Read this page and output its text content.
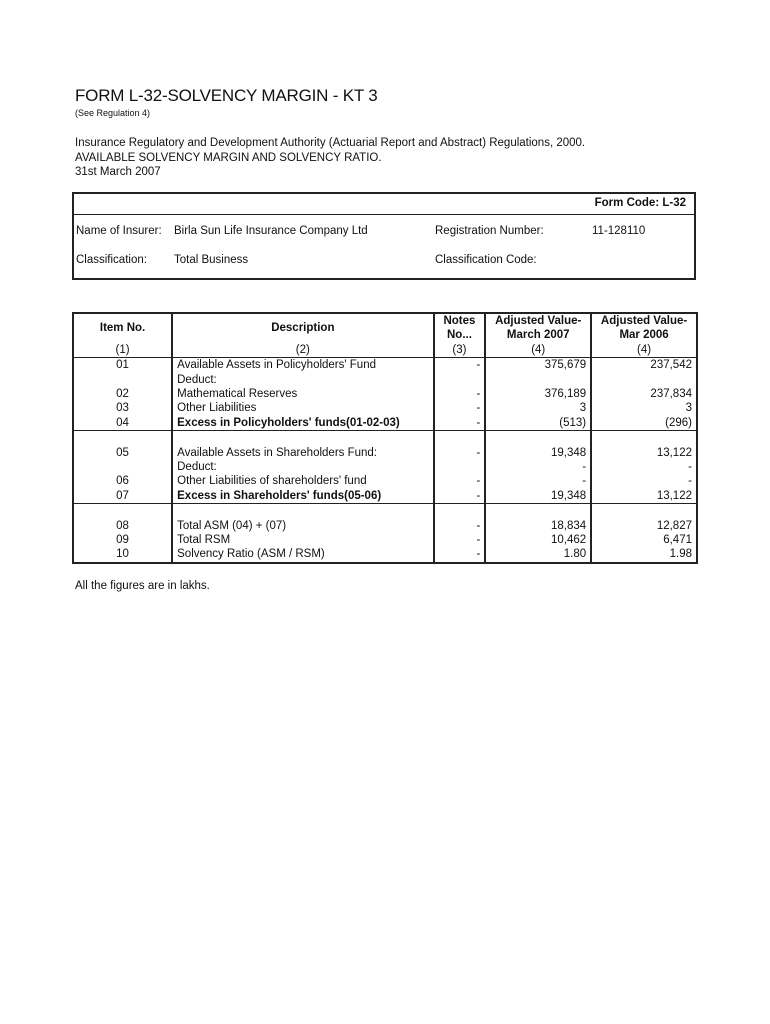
FORM L-32-SOLVENCY MARGIN - KT 3
(See Regulation 4)
Insurance Regulatory and Development Authority (Actuarial Report and Abstract) Regulations, 2000.
AVAILABLE SOLVENCY MARGIN AND SOLVENCY RATIO.
31st March 2007
Form Code: L-32
Name of Insurer: Birla Sun Life Insurance Company Ltd	Registration Number:	11-128110
Classification: Total Business	Classification Code:
Item No.	Description	Notes	Adjusted Value-	Adjusted Value-
		No...	March 2007	Mar 2006
(1)	(2)	(3)	(4)	(4)
01	Available Assets in Policyholders' Fund	-	375,679	237,542
	Deduct:			
02	Mathematical Reserves	-	376,189	237,834
03	Other Liabilities	-	3	3
04	Excess in Policyholders' funds(01-02-03)	-	(513)	(296)

05	Available Assets in Shareholders Fund:	-	19,348	13,122
	Deduct:		-	-
06	Other Liabilities of shareholders' fund	-	-	-
07	Excess in Shareholders' funds(05-06)	-	19,348	13,122

08	Total ASM (04) + (07)	-	18,834	12,827
09	Total RSM	-	10,462	6,471
10	Solvency Ratio (ASM / RSM)	-	1.80	1.98
All the figures are in lakhs.
